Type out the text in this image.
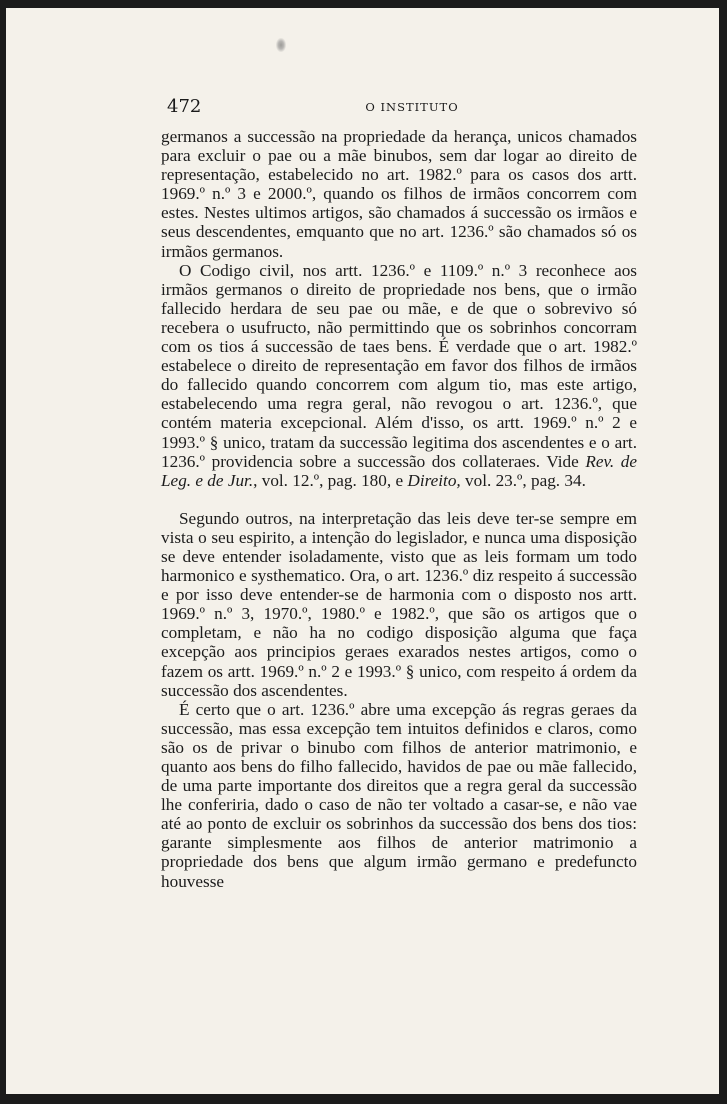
472	O INSTITUTO

germanos a successão na propriedade da herança, unicos chamados para excluir o pae ou a mãe binubos, sem dar logar ao direito de representação, estabelecido no art. 1982.º para os casos dos artt. 1969.º n.º 3 e 2000.º, quando os filhos de irmãos concorrem com estes. Nestes ultimos artigos, são chamados á successão os irmãos e seus descendentes, emquanto que no art. 1236.º são chamados só os irmãos germanos.

O Codigo civil, nos artt. 1236.º e 1109.º n.º 3 reconhece aos irmãos germanos o direito de propriedade nos bens, que o irmão fallecido herdara de seu pae ou mãe, e de que o sobrevivo só recebera o usufructo, não permittindo que os sobrinhos concorram com os tios á successão de taes bens. É verdade que o art. 1982.º estabelece o direito de representação em favor dos filhos de irmãos do fallecido quando concorrem com algum tio, mas este artigo, estabelecendo uma regra geral, não revogou o art. 1236.º, que contém materia excepcional. Além d'isso, os artt. 1969.º n.º 2 e 1993.º § unico, tratam da successão legitima dos ascendentes e o art. 1236.º providencia sobre a successão dos collateraes. Vide Rev. de Leg. e de Jur., vol. 12.º, pag. 180, e Direito, vol. 23.º, pag. 34.

Segundo outros, na interpretação das leis deve ter-se sempre em vista o seu espirito, a intenção do legislador, e nunca uma disposição se deve entender isoladamente, visto que as leis formam um todo harmonico e systhematico. Ora, o art. 1236.º diz respeito á successão e por isso deve entender-se de harmonia com o disposto nos artt. 1969.º n.º 3, 1970.º, 1980.º e 1982.º, que são os artigos que o completam, e não ha no codigo disposição alguma que faça excepção aos principios geraes exarados nestes artigos, como o fazem os artt. 1969.º n.º 2 e 1993.º § unico, com respeito á ordem da successão dos ascendentes.

É certo que o art. 1236.º abre uma excepção ás regras geraes da successão, mas essa excepção tem intuitos definidos e claros, como são os de privar o binubo com filhos de anterior matrimonio, e quanto aos bens do filho fallecido, havidos de pae ou mãe fallecido, de uma parte importante dos direitos que a regra geral da successão lhe conferiria, dado o caso de não ter voltado a casar-se, e não vae até ao ponto de excluir os sobrinhos da successão dos bens dos tios: garante simplesmente aos filhos de anterior matrimonio a propriedade dos bens que algum irmão germano e predefuncto houvesse
